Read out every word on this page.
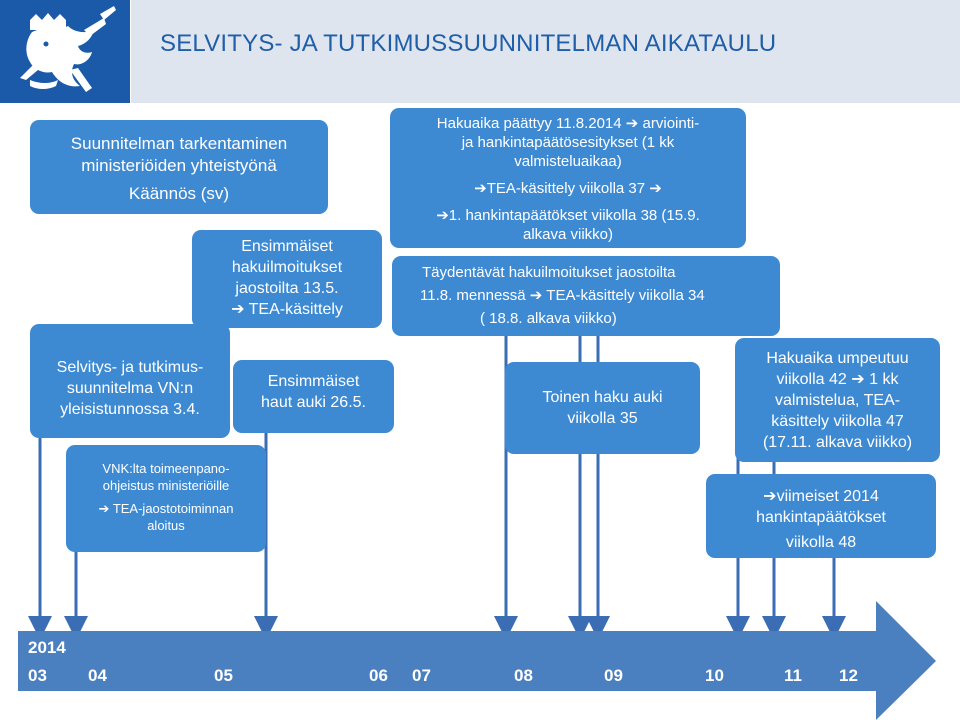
SELVITYS- JA TUTKIMUSSUUNNITELMAN AIKATAULU
Suunnitelman tarkentaminen
ministeriöiden yhteistyönä
Käännös (sv)
Ensimmäiset
hakuilmoitukset
jaostoilta 13.5.
➔ TEA-käsittely
Selvitys- ja tutkimus-
suunnitelma VN:n
yleisistunnossa 3.4.
Ensimmäiset
haut auki 26.5.
VNK:lta toimeenpano-
ohjeistus ministeriöille
➔ TEA-jaostotoiminnan
aloitus
Hakuaika päättyy 11.8.2014 ➔ arviointi-
ja hankintapäätösesitykset (1 kk
valmisteluaikaa)
➔TEA-käsittely viikolla 37 ➔
➔1. hankintapäätökset viikolla 38 (15.9.
alkava viikko)
Täydentävät hakuilmoitukset jaostoilta
11.8. mennessä ➔ TEA-käsittely viikolla 34
( 18.8. alkava viikko)
Toinen haku auki
viikolla 35
Hakuaika umpeutuu
viikolla 42 ➔ 1 kk
valmistelua, TEA-
käsittely viikolla 47
(17.11. alkava viikko)
➔viimeiset 2014
hankintapäätökset
viikolla 48
2014
03 04	05	06 07	08	09	10	11 12
